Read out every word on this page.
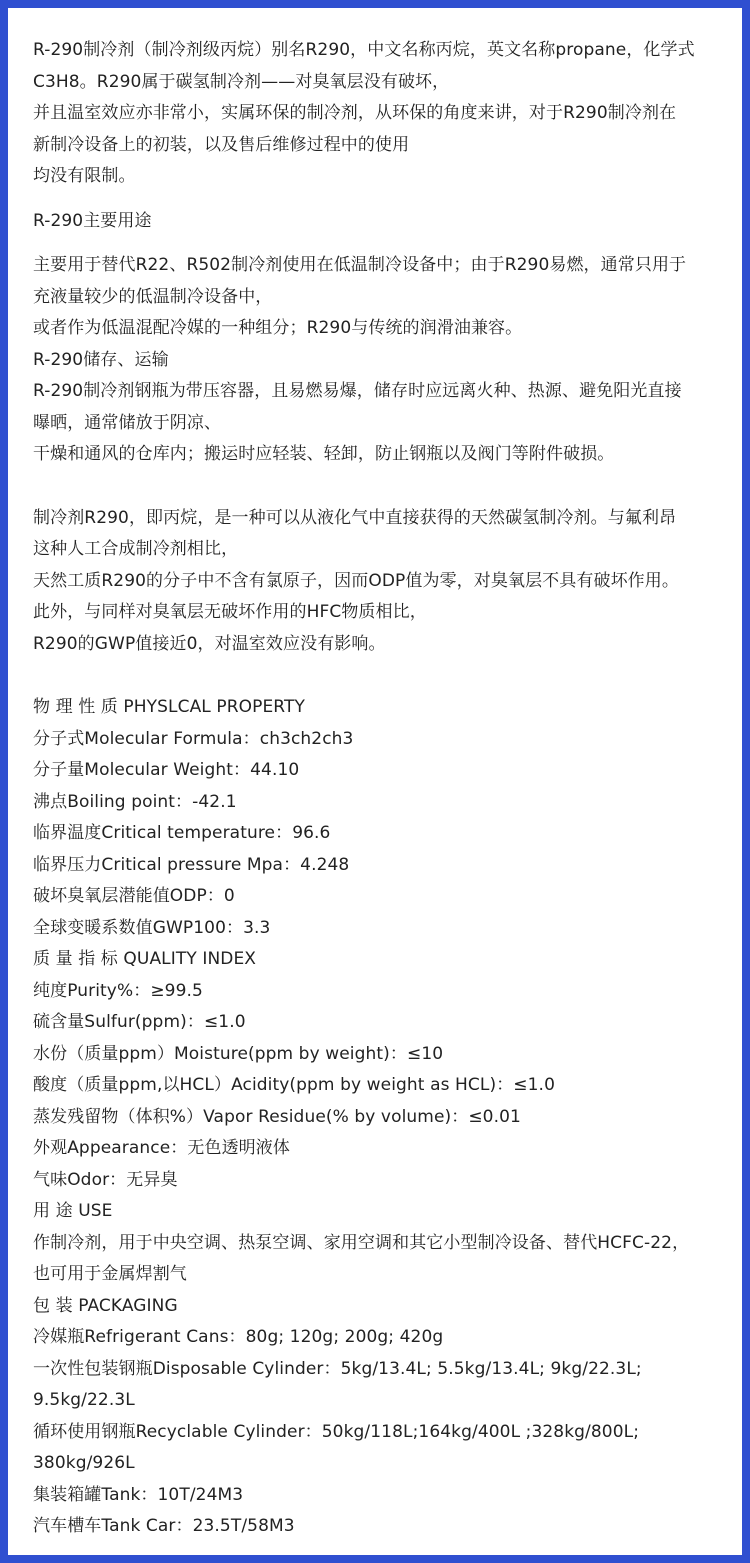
R-290制冷剂（制冷剂级丙烷）别名R290，中文名称丙烷，英文名称propane，化学式
C3H8。R290属于碳氢制冷剂——对臭氧层没有破坏，
并且温室效应亦非常小，实属环保的制冷剂，从环保的角度来讲，对于R290制冷剂在
新制冷设备上的初装，以及售后维修过程中的使用
均没有限制。
R-290主要用途
主要用于替代R22、R502制冷剂使用在低温制冷设备中；由于R290易燃，通常只用于
充液量较少的低温制冷设备中，
或者作为低温混配冷媒的一种组分；R290与传统的润滑油兼容。
R-290储存、运输
R-290制冷剂钢瓶为带压容器，且易燃易爆，储存时应远离火种、热源、避免阳光直接
曝晒，通常储放于阴凉、
干燥和通风的仓库内；搬运时应轻装、轻卸，防止钢瓶以及阀门等附件破损。
制冷剂R290，即丙烷，是一种可以从液化气中直接获得的天然碳氢制冷剂。与氟利昂
这种人工合成制冷剂相比，
天然工质R290的分子中不含有氯原子，因而ODP值为零，对臭氧层不具有破坏作用。
此外，与同样对臭氧层无破坏作用的HFC物质相比，
R290的GWP值接近0，对温室效应没有影响。
物 理 性 质 PHYSLCAL PROPERTY
分子式Molecular Formula：ch3ch2ch3
分子量Molecular Weight：44.10
沸点Boiling point：-42.1
临界温度Critical temperature：96.6
临界压力Critical pressure Mpa：4.248
破坏臭氧层潜能值ODP：0
全球变暖系数值GWP100：3.3
质 量 指 标 QUALITY INDEX
纯度Purity%：≥99.5
硫含量Sulfur(ppm)：≤1.0
水份（质量ppm）Moisture(ppm by weight)：≤10
酸度（质量ppm,以HCL）Acidity(ppm by weight as HCL)：≤1.0
蒸发残留物（体积%）Vapor Residue(% by volume)：≤0.01
外观Appearance：无色透明液体
气味Odor：无异臭
用 途 USE
作制冷剂，用于中央空调、热泵空调、家用空调和其它小型制冷设备、替代HCFC-22，
也可用于金属焊割气
包 装 PACKAGING
冷媒瓶Refrigerant Cans：80g; 120g; 200g; 420g
一次性包装钢瓶Disposable Cylinder：5kg/13.4L; 5.5kg/13.4L; 9kg/22.3L;
9.5kg/22.3L
循环使用钢瓶Recyclable Cylinder：50kg/118L;164kg/400L ;328kg/800L;
380kg/926L
集装箱罐Tank：10T/24M3
汽车槽车Tank Car：23.5T/58M3
